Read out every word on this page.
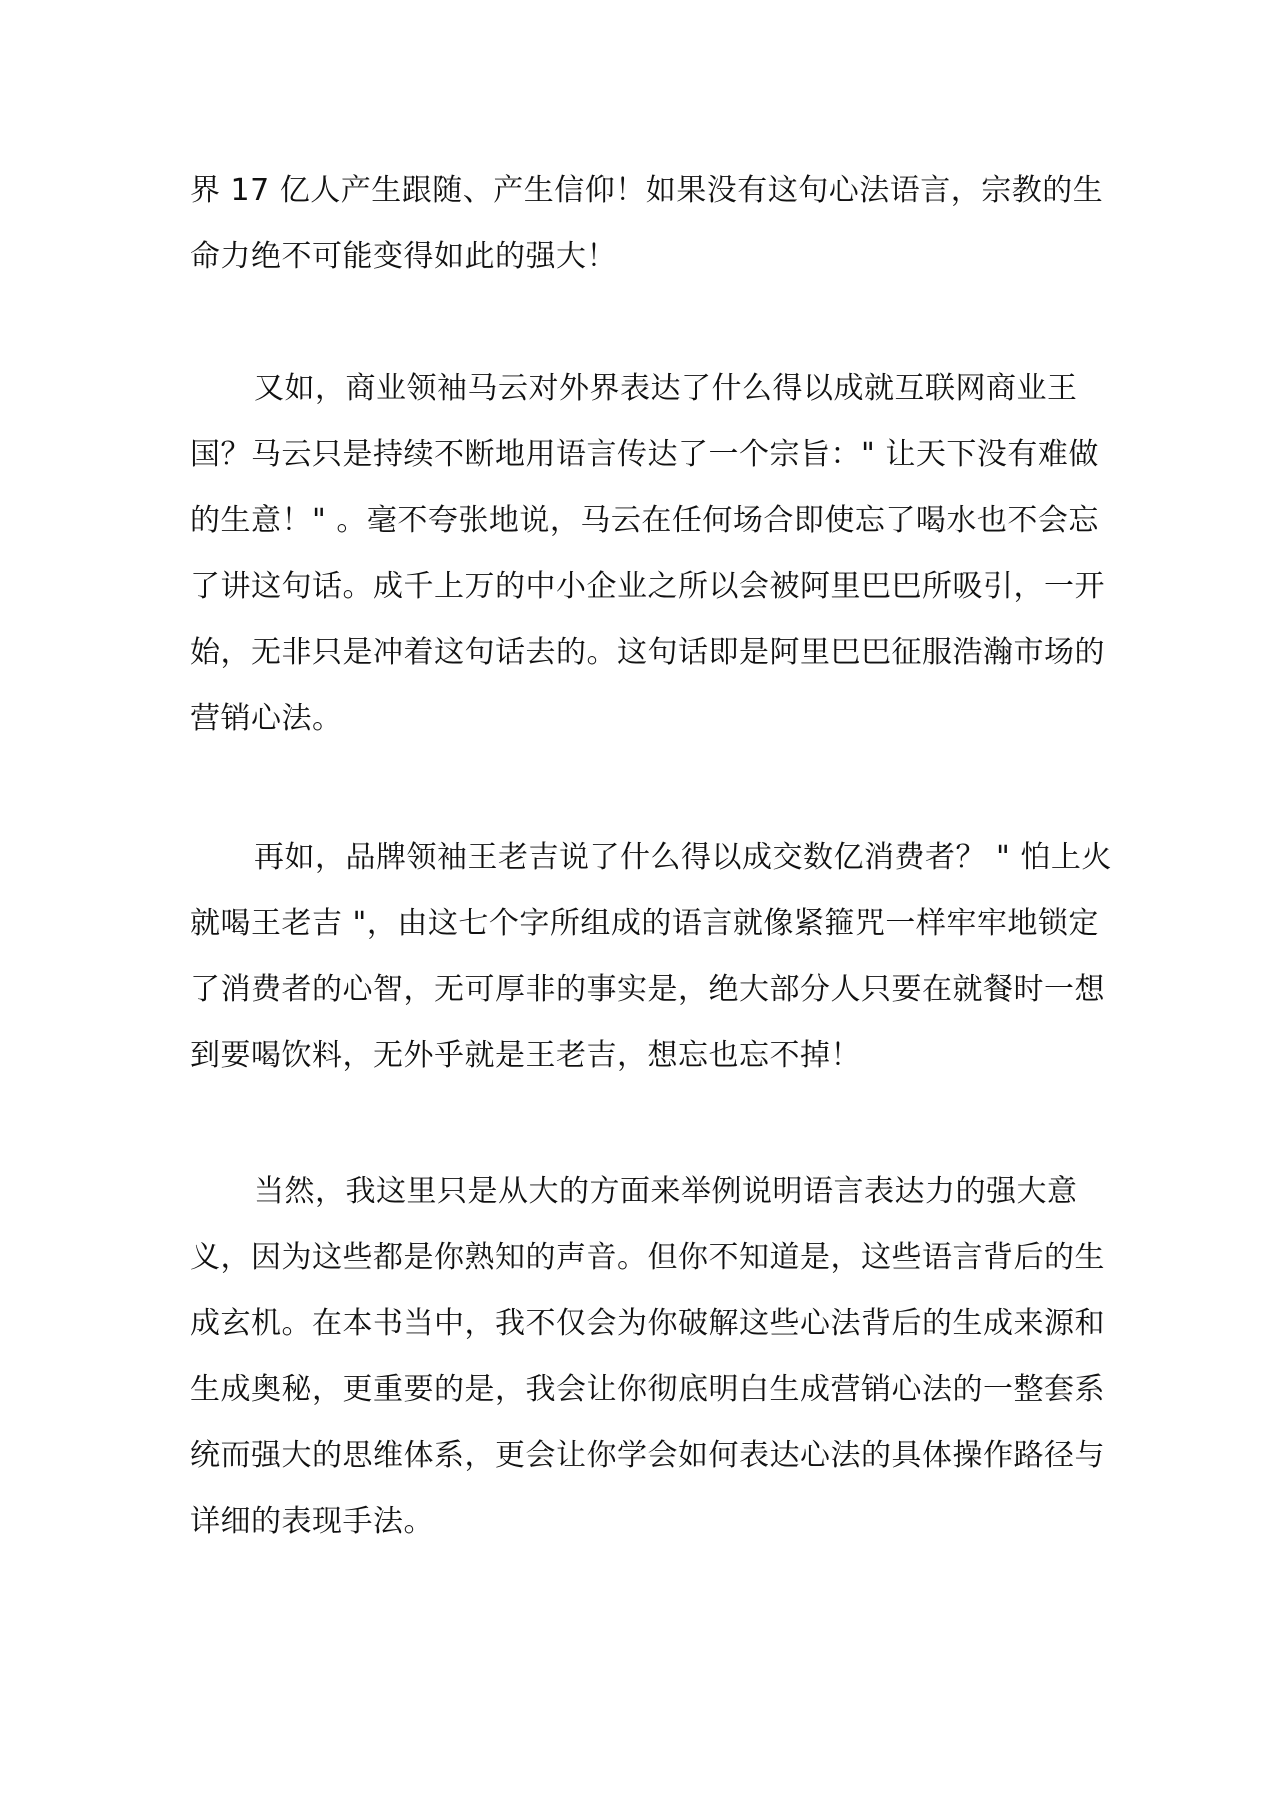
界 17 亿人产生跟随、产生信仰！如果没有这句心法语言，宗教的生
命力绝不可能变得如此的强大！
又如，商业领袖马云对外界表达了什么得以成就互联网商业王
国？马云只是持续不断地用语言传达了一个宗旨：" 让天下没有难做
的生意！" 。毫不夸张地说，马云在任何场合即使忘了喝水也不会忘
了讲这句话。成千上万的中小企业之所以会被阿里巴巴所吸引，一开
始，无非只是冲着这句话去的。这句话即是阿里巴巴征服浩瀚市场的
营销心法。
再如，品牌领袖王老吉说了什么得以成交数亿消费者？ " 怕上火
就喝王老吉 "，由这七个字所组成的语言就像紧箍咒一样牢牢地锁定
了消费者的心智，无可厚非的事实是，绝大部分人只要在就餐时一想
到要喝饮料，无外乎就是王老吉，想忘也忘不掉！
当然，我这里只是从大的方面来举例说明语言表达力的强大意
义，因为这些都是你熟知的声音。但你不知道是，这些语言背后的生
成玄机。在本书当中，我不仅会为你破解这些心法背后的生成来源和
生成奥秘，更重要的是，我会让你彻底明白生成营销心法的一整套系
统而强大的思维体系，更会让你学会如何表达心法的具体操作路径与
详细的表现手法。
